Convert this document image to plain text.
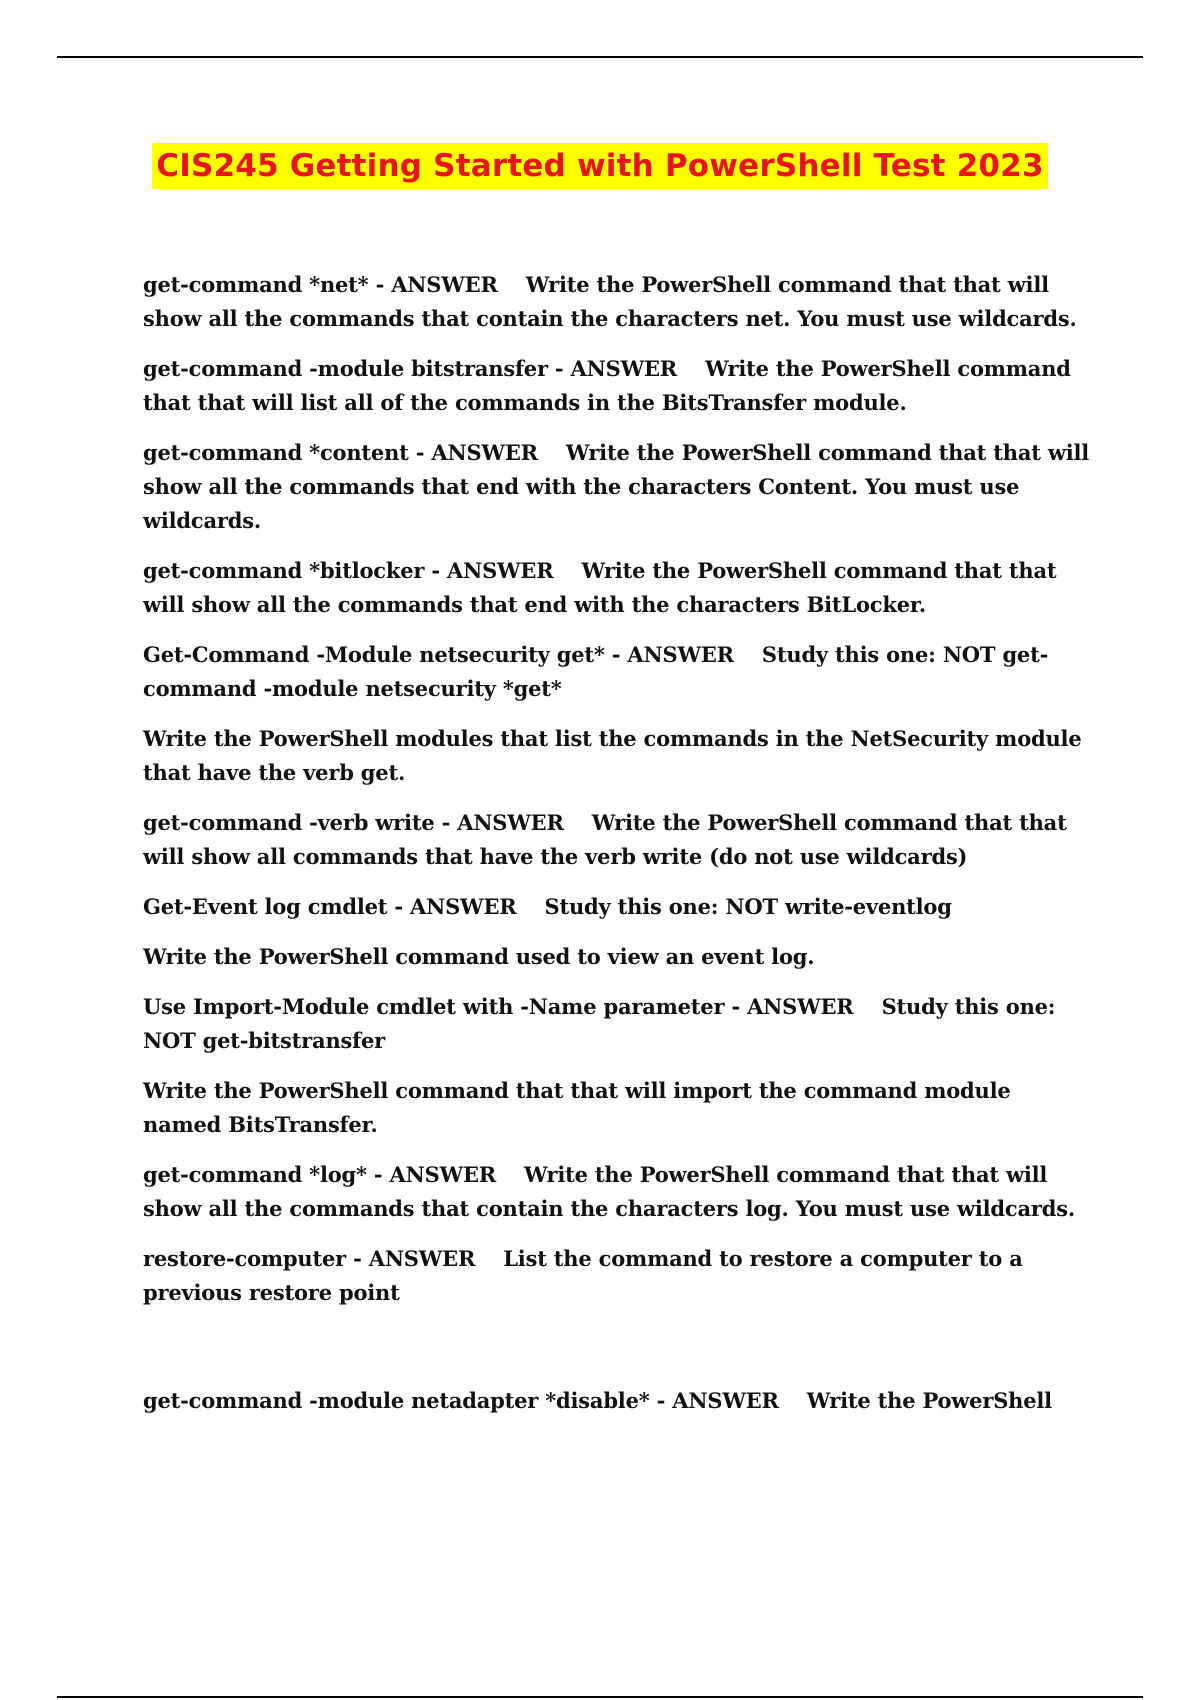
CIS245 Getting Started with PowerShell Test 2023

get-command *net* - ANSWER Write the PowerShell command that that will show all the commands that contain the characters net. You must use wildcards.

get-command -module bitstransfer - ANSWER Write the PowerShell command that that will list all of the commands in the BitsTransfer module.

get-command *content - ANSWER Write the PowerShell command that that will show all the commands that end with the characters Content. You must use wildcards.

get-command *bitlocker - ANSWER Write the PowerShell command that that will show all the commands that end with the characters BitLocker.

Get-Command -Module netsecurity get* - ANSWER Study this one: NOT get-command -module netsecurity *get*

Write the PowerShell modules that list the commands in the NetSecurity module that have the verb get.

get-command -verb write - ANSWER Write the PowerShell command that that will show all commands that have the verb write (do not use wildcards)

Get-Event log cmdlet - ANSWER Study this one: NOT write-eventlog

Write the PowerShell command used to view an event log.

Use Import-Module cmdlet with -Name parameter - ANSWER Study this one: NOT get-bitstransfer

Write the PowerShell command that that will import the command module named BitsTransfer.

get-command *log* - ANSWER Write the PowerShell command that that will show all the commands that contain the characters log. You must use wildcards.

restore-computer - ANSWER List the command to restore a computer to a previous restore point

get-command -module netadapter *disable* - ANSWER Write the PowerShell
